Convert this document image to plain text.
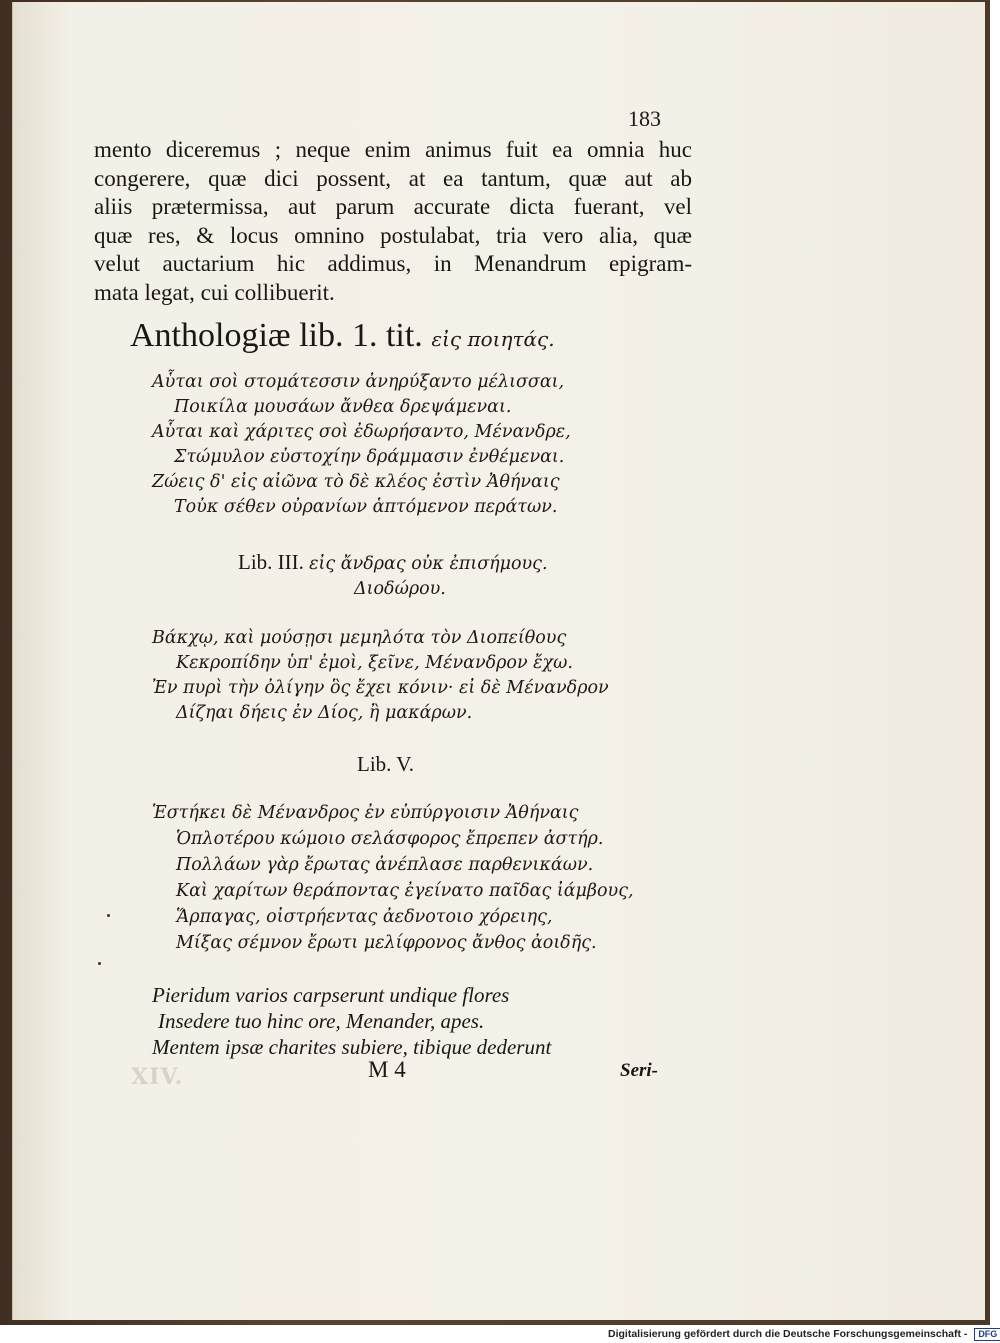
XIV.
183
mento diceremus ; neque enim animus fuit ea omnia huc
congerere, quæ dici possent, at ea tantum, quæ aut ab
aliis prætermissa, aut parum accurate dicta fuerant, vel
quæ res, & locus omnino postulabat, tria vero alia, quæ
velut auctarium hic addimus, in Menandrum epigram-
mata legat, cui collibuerit.
Anthologiæ lib. 1. tit. εἰς ποιητάς.
Αὗται σοὶ στομάτεσσιν ἀνηρύξαντο μέλισσαι,
Ποικίλα μουσάων ἄνθεα δρεψάμεναι.
Αὗται καὶ χάριτες σοὶ ἐδωρήσαντο, Μένανδρε,
Στώμυλον εὐστοχίην δράμμασιν ἐνθέμεναι.
Ζώεις δ' εἰς αἰῶνα τὸ δὲ κλέος ἐστὶν Ἀθήναις
Τοὐκ σέθεν οὐρανίων ἁπτόμενον περάτων.
Lib. III. εἰς ἄνδρας οὐκ ἐπισήμους.
Διοδώρου.
Βάκχῳ, καὶ μούσῃσι μεμηλότα τὸν Διοπείθους
Κεκροπίδην ὑπ' ἐμοὶ, ξεῖνε, Μένανδρον ἔχω.
Ἐν πυρὶ τὴν ὀλίγην ὃς ἔχει κόνιν· εἰ δὲ Μένανδρον
Δίζηαι δήεις ἐν Δίος, ἢ μακάρων.
Lib. V.
Ἑστήκει δὲ Μένανδρος ἐν εὐπύργοισιν Ἀθήναις
Ὁπλοτέρου κώμοιο σελάσφορος ἔπρεπεν ἀστήρ.
Πολλάων γὰρ ἔρωτας ἀνέπλασε παρθενικάων.
Καὶ χαρίτων θεράποντας ἐγείνατο παῖδας ἰάμβους,
Ἅρπαγας, οἰστρήεντας ἀεδνοτοιο χόρειης,
Μίξας σέμνον ἔρωτι μελίφρονος ἄνθος ἀοιδῆς.
Pieridum varios carpserunt undique flores
Insedere tuo hinc ore, Menander, apes.
Mentem ipsæ charites subiere, tibique dederunt
M 4	Seri-
Digitalisierung gefördert durch die Deutsche Forschungsgemeinschaft - DFG
